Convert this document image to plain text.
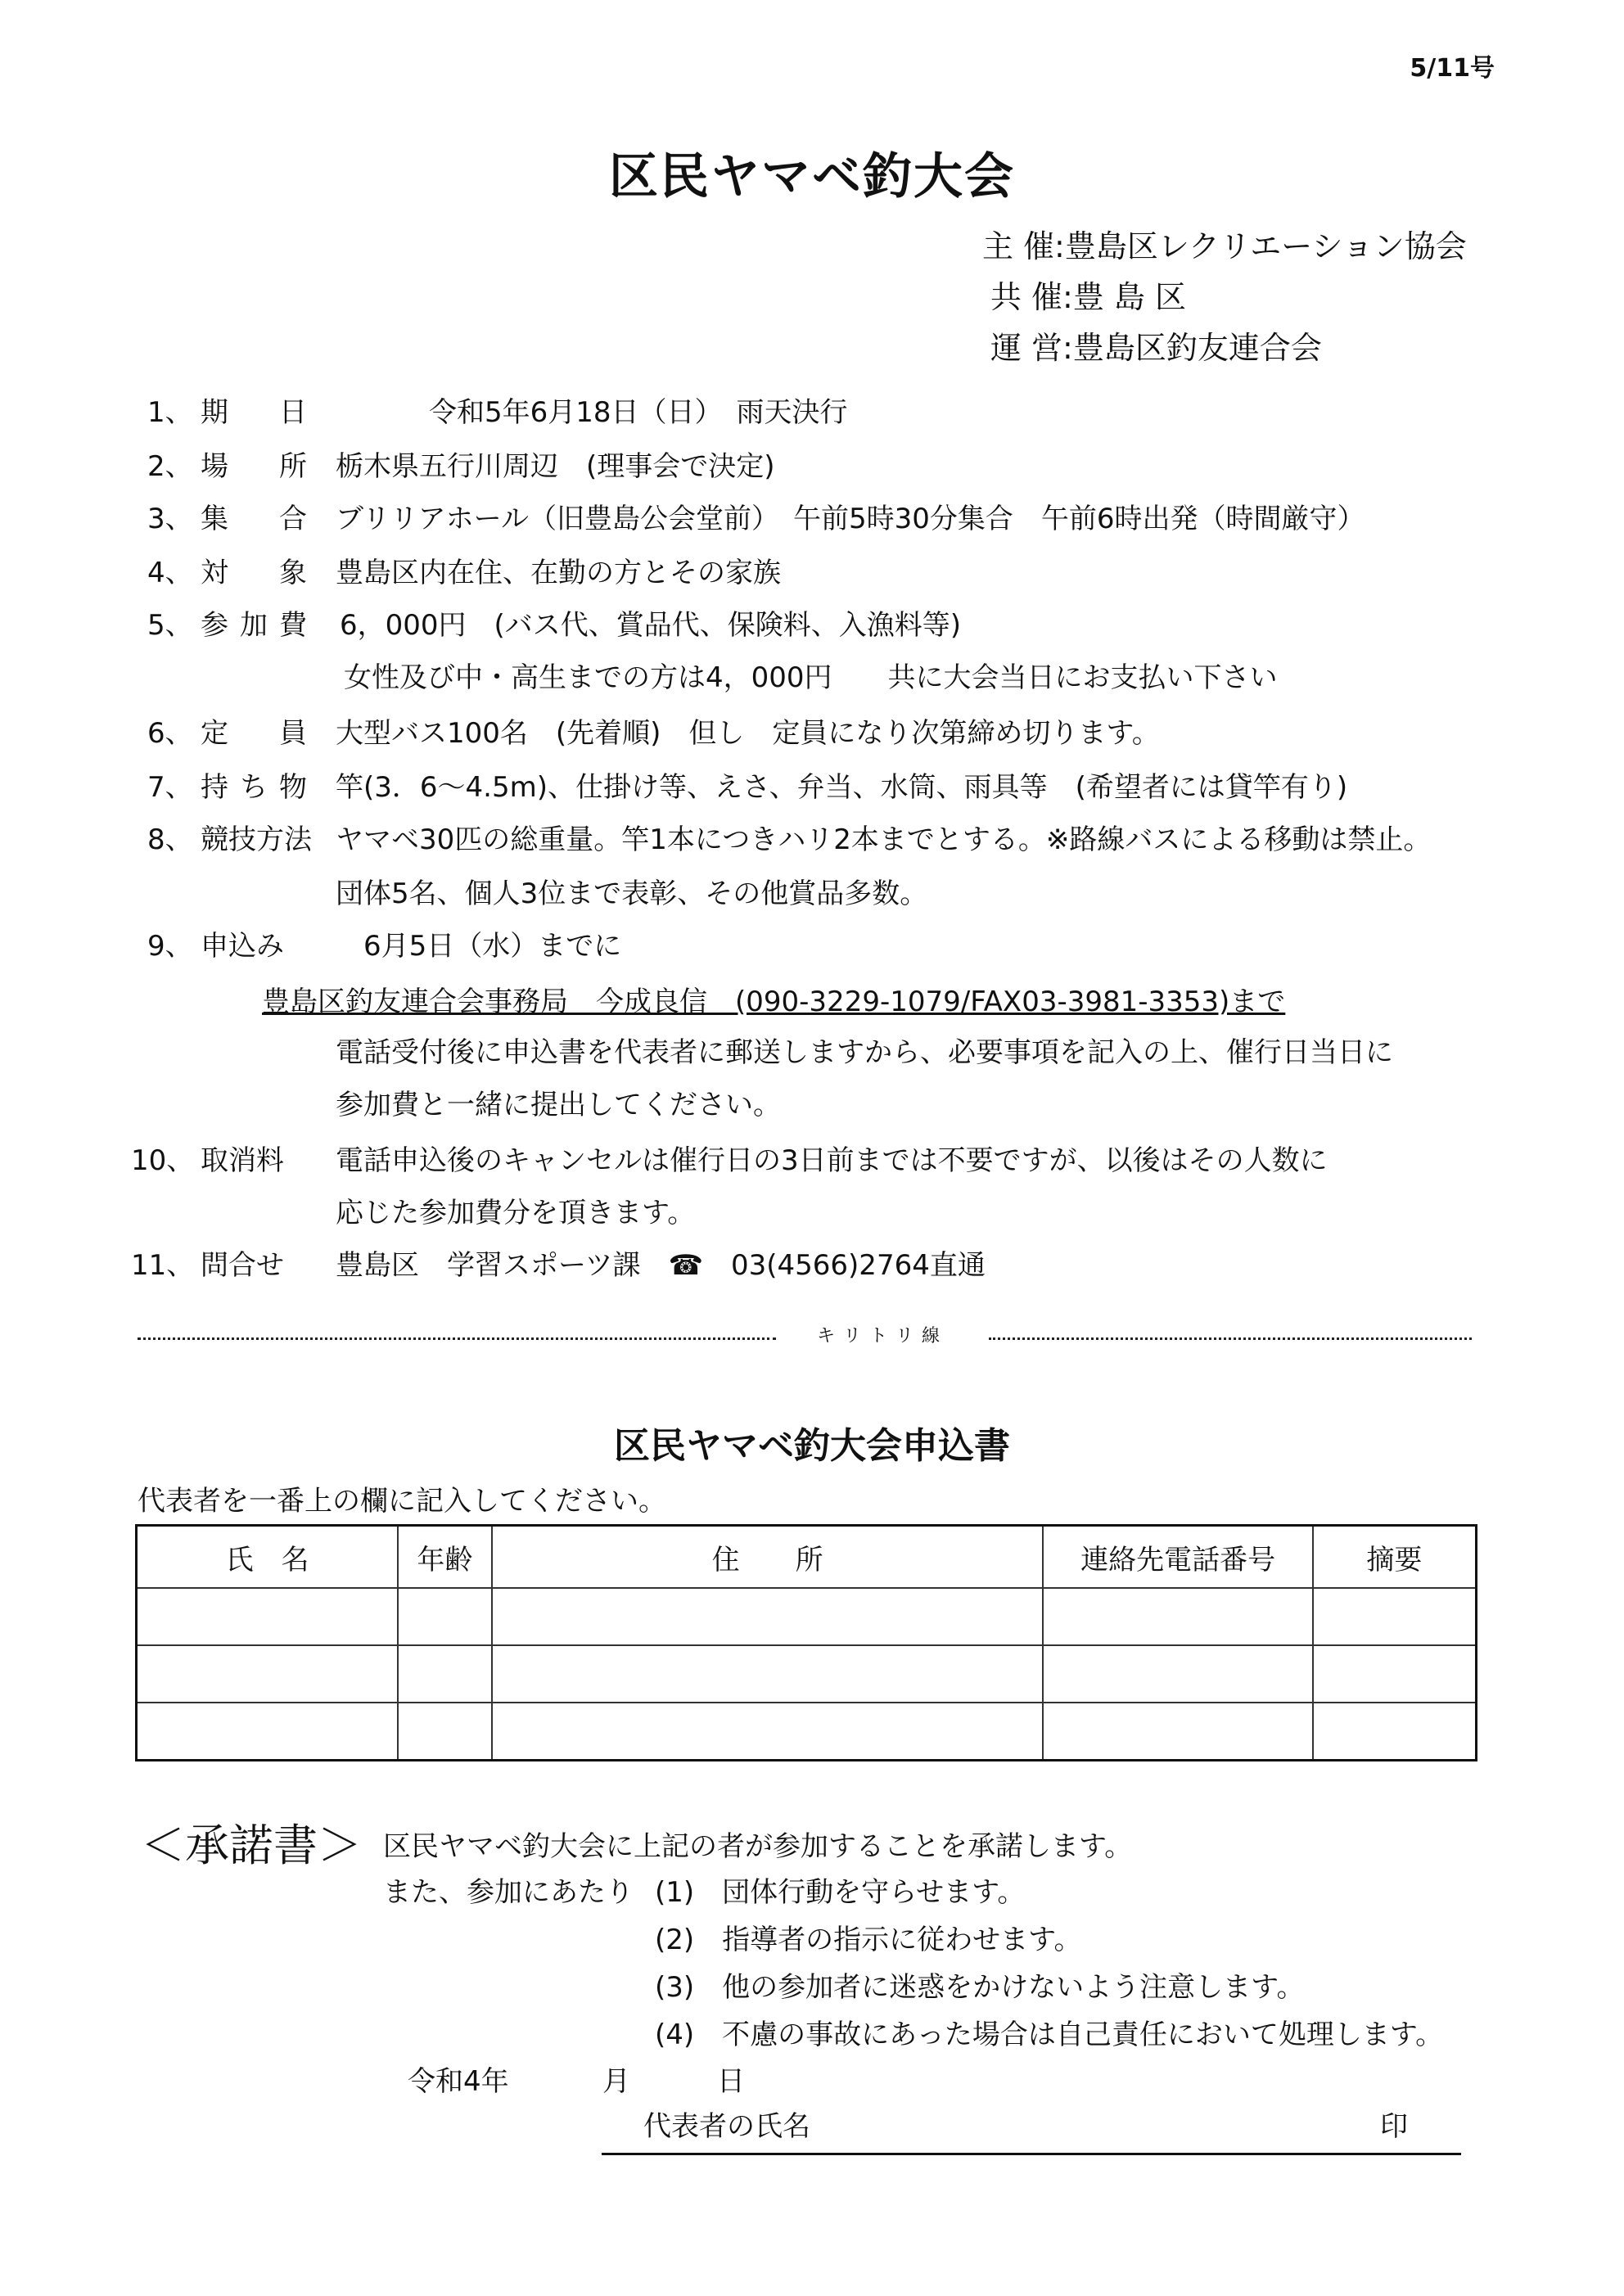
5/11号
区民ヤマベ釣大会
主 催:豊島区レクリエーション協会
共 催:豊 島 区
運 営:豊島区釣友連合会
1、 期 日	　令和5年6月18日（日）　雨天決行
2、 場 所 栃木県五行川周辺　(理事会で決定)
3、 集 合 ブリリアホール（旧豊島公会堂前）　午前5時30分集合　午前6時出発（時間厳守）
4、 対 象 豊島区内在住、在勤の方とその家族
5、 参 加 費 6，000円　(バス代、賞品代、保険料、入漁料等)
女性及び中・高生までの方は4，000円　　共に大会当日にお支払い下さい
6、 定 員 大型バス100名　(先着順)　但し　定員になり次第締め切ります。
7、 持 ち 物 竿(3．6～4.5m)、仕掛け等、えさ、弁当、水筒、雨具等　(希望者には貸竿有り)
8、 競技方法 ヤマベ30匹の総重量。竿1本につきハリ2本までとする。※路線バスによる移動は禁止。
団体5名、個人3位まで表彰、その他賞品多数。
9、 申込み 　6月5日（水）までに
豊島区釣友連合会事務局　今成良信　(090-3229-1079/FAX03-3981-3353)まで
電話受付後に申込書を代表者に郵送しますから、必要事項を記入の上、催行日当日に
参加費と一緒に提出してください。
10、 取消料 電話申込後のキャンセルは催行日の3日前までは不要ですが、以後はその人数に
応じた参加費分を頂きます。
11、 問合せ 豊島区　学習スポーツ課　☎　03(4566)2764直通
キリトリ線
区民ヤマベ釣大会申込書
代表者を一番上の欄に記入してください。
氏　名	年齢	住　　所	連絡先電話番号	摘要

＜承諾書＞ 区民ヤマベ釣大会に上記の者が参加することを承諾します。
また、参加にあたり (1)　団体行動を守らせます。
(2)　指導者の指示に従わせます。
(3)　他の参加者に迷惑をかけないよう注意します。
(4)　不慮の事故にあった場合は自己責任において処理します。
令和4年	月	日
代表者の氏名	印
